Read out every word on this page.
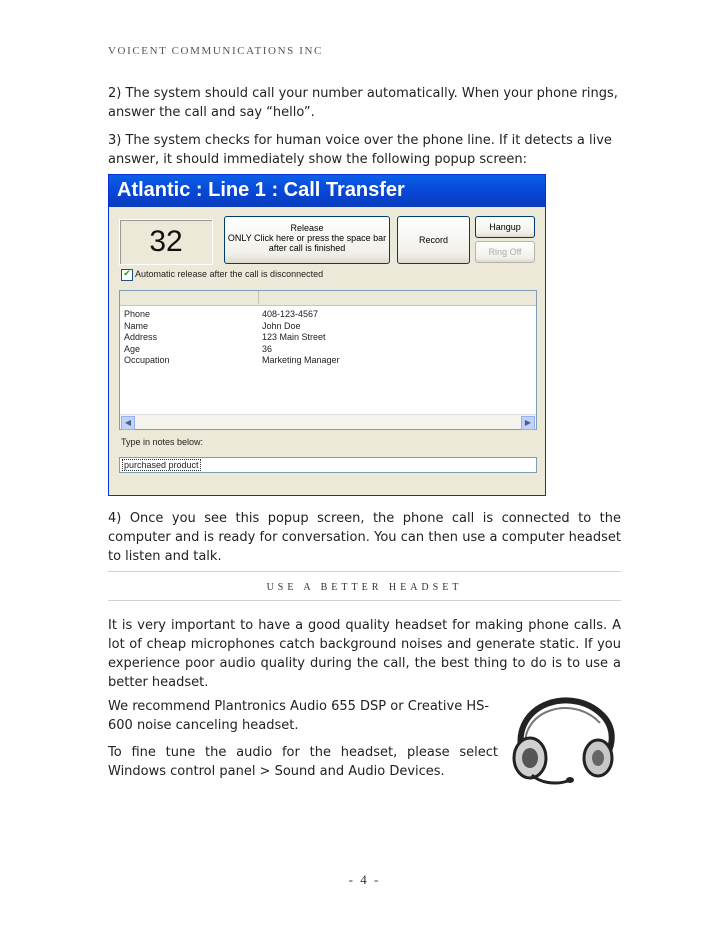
VOICENT COMMUNICATIONS INC
2) The system should call your number automatically. When your phone rings, answer the call and say “hello”.
3) The system checks for human voice over the phone line. If it detects a live answer, it should immediately show the following popup screen:
Atlantic : Line 1 : Call Transfer
32	Release
ONLY Click here or press the space bar
after call is finished
Record
Hangup
Ring Off
✔ Automatic release after the call is disconnected
Phone	408-123-4567
Name	John Doe
Address	123 Main Street
Age	36
Occupation	Marketing Manager
◀	▶
Type in notes below:
purchased product
4) Once you see this popup screen, the phone call is connected to the computer and is ready for conversation. You can then use a computer headset to listen and talk.
USE A BETTER HEADSET
It is very important to have a good quality headset for making phone calls. A lot of cheap microphones catch background noises and generate static. If you experience poor audio quality during the call, the best thing to do is to use a better headset.
We recommend Plantronics Audio 655 DSP or Creative HS-600 noise canceling headset.
To fine tune the audio for the headset, please select Windows control panel > Sound and Audio Devices.
- 4 -
